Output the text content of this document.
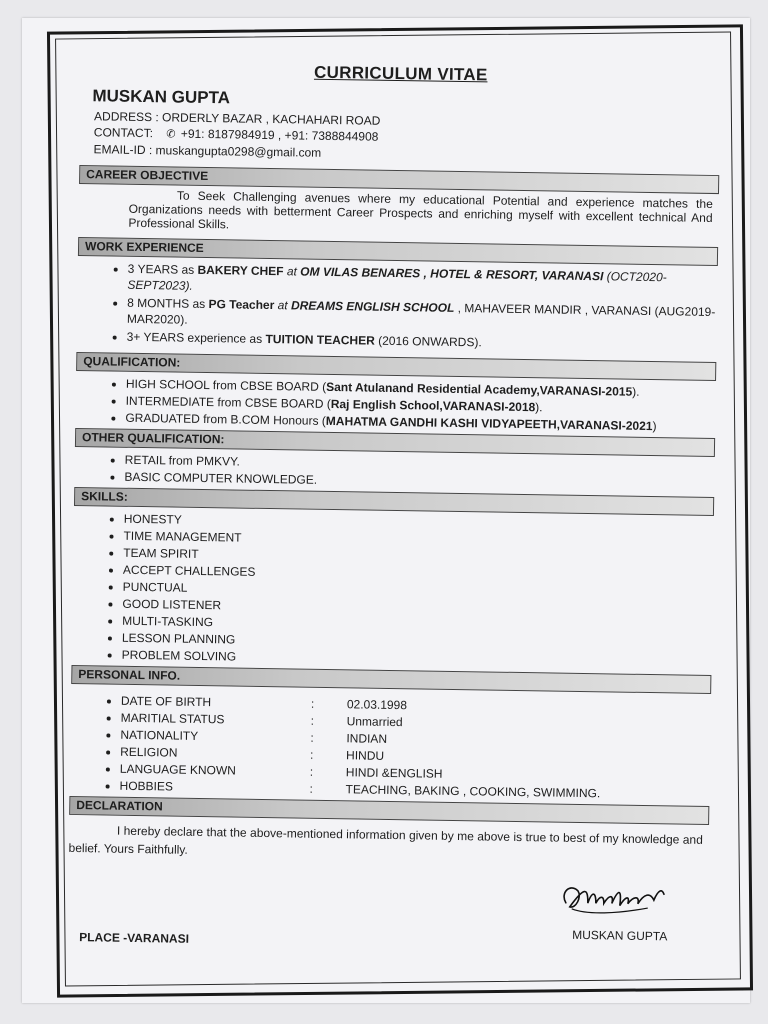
CURRICULUM VITAE
MUSKAN GUPTA
ADDRESS : ORDERLY BAZAR , KACHAHARI ROAD
CONTACT: ✆ +91: 8187984919 , +91: 7388844908
EMAIL-ID : muskangupta0298@gmail.com
CAREER OBJECTIVE
To Seek Challenging avenues where my educational Potential and experience matches the Organizations needs with betterment Career Prospects and enriching myself with excellent technical And Professional Skills.
WORK EXPERIENCE
• 3 YEARS as BAKERY CHEF at OM VILAS BENARES , HOTEL & RESORT, VARANASI (OCT2020-SEPT2023).
• 8 MONTHS as PG Teacher at DREAMS ENGLISH SCHOOL , MAHAVEER MANDIR , VARANASI (AUG2019-MAR2020).
• 3+ YEARS experience as TUITION TEACHER (2016 ONWARDS).
QUALIFICATION:
• HIGH SCHOOL from CBSE BOARD (Sant Atulanand Residential Academy,VARANASI-2015).
• INTERMEDIATE from CBSE BOARD (Raj English School,VARANASI-2018).
• GRADUATED from B.COM Honours (MAHATMA GANDHI KASHI VIDYAPEETH,VARANASI-2021)
OTHER QUALIFICATION:
• RETAIL from PMKVY.
• BASIC COMPUTER KNOWLEDGE.
SKILLS:
• HONESTY
• TIME MANAGEMENT
• TEAM SPIRIT
• ACCEPT CHALLENGES
• PUNCTUAL
• GOOD LISTENER
• MULTI-TASKING
• LESSON PLANNING
• PROBLEM SOLVING
PERSONAL INFO.
• DATE OF BIRTH	:	02.03.1998
• MARITIAL STATUS	:	Unmarried
• NATIONALITY	:	INDIAN
• RELIGION	:	HINDU
• LANGUAGE KNOWN	:	HINDI &ENGLISH
• HOBBIES	:	TEACHING, BAKING , COOKING, SWIMMING.
DECLARATION
I hereby declare that the above-mentioned information given by me above is true to best of my knowledge and belief. Yours Faithfully.
MUSKAN GUPTA
PLACE -VARANASI
